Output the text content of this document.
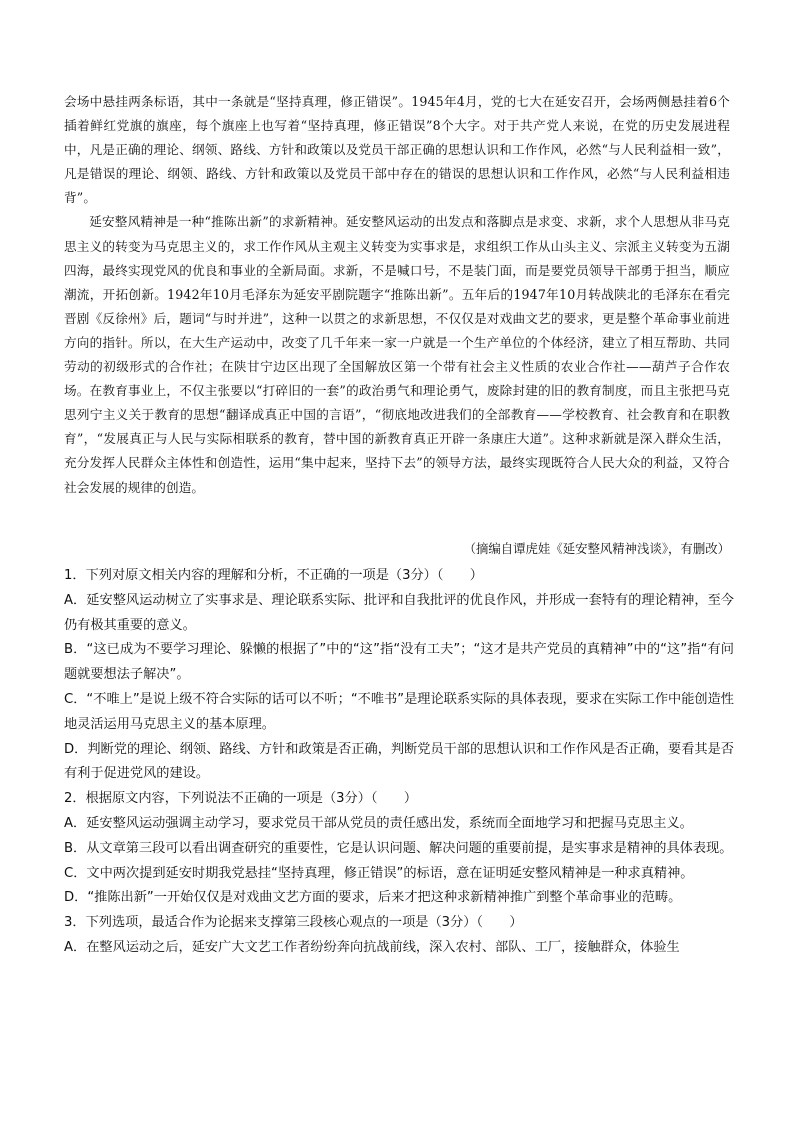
会场中悬挂两条标语，其中一条就是“坚持真理，修正错误”。1945年4月，党的七大在延安召开，会场两侧悬挂着6个插着鲜红党旗的旗座，每个旗座上也写着“坚持真理，修正错误”8个大字。对于共产党人来说，在党的历史发展进程中，凡是正确的理论、纲领、路线、方针和政策以及党员干部正确的思想认识和工作作风，必然“与人民利益相一致”，凡是错误的理论、纲领、路线、方针和政策以及党员干部中存在的错误的思想认识和工作作风，必然“与人民利益相违背”。

延安整风精神是一种“推陈出新”的求新精神。延安整风运动的出发点和落脚点是求变、求新，求个人思想从非马克思主义的转变为马克思主义的，求工作作风从主观主义转变为实事求是，求组织工作从山头主义、宗派主义转变为五湖四海，最终实现党风的优良和事业的全新局面。求新，不是喊口号，不是装门面，而是要党员领导干部勇于担当，顺应潮流，开拓创新。1942年10月毛泽东为延安平剧院题字“推陈出新”。五年后的1947年10月转战陕北的毛泽东在看完晋剧《反徐州》后，题词“与时并进”，这种一以贯之的求新思想，不仅仅是对戏曲文艺的要求，更是整个革命事业前进方向的指针。所以，在大生产运动中，改变了几千年来一家一户就是一个生产单位的个体经济，建立了相互帮助、共同劳动的初级形式的合作社；在陕甘宁边区出现了全国解放区第一个带有社会主义性质的农业合作社——葫芦子合作农场。在教育事业上，不仅主张要以“打碎旧的一套”的政治勇气和理论勇气，废除封建的旧的教育制度，而且主张把马克思列宁主义关于教育的思想“翻译成真正中国的言语”，“彻底地改进我们的全部教育——学校教育、社会教育和在职教育”，“发展真正与人民与实际相联系的教育，替中国的新教育真正开辟一条康庄大道”。这种求新就是深入群众生活，充分发挥人民群众主体性和创造性，运用“集中起来，坚持下去”的领导方法，最终实现既符合人民大众的利益，又符合社会发展的规律的创造。

（摘编自谭虎娃《延安整风精神浅谈》，有删改）

1．下列对原文相关内容的理解和分析，不正确的一项是（3分）（　　）

A．延安整风运动树立了实事求是、理论联系实际、批评和自我批评的优良作风，并形成一套特有的理论精神，至今仍有极其重要的意义。

B．“这已成为不要学习理论、躲懒的根据了”中的“这”指“没有工夫”；“这才是共产党员的真精神”中的“这”指“有问题就要想法子解决”。

C．“不唯上”是说上级不符合实际的话可以不听；“不唯书”是理论联系实际的具体表现，要求在实际工作中能创造性地灵活运用马克思主义的基本原理。

D．判断党的理论、纲领、路线、方针和政策是否正确，判断党员干部的思想认识和工作作风是否正确，要看其是否有利于促进党风的建设。

2．根据原文内容，下列说法不正确的一项是（3分）（　　）

A．延安整风运动强调主动学习，要求党员干部从党员的责任感出发，系统而全面地学习和把握马克思主义。

B．从文章第三段可以看出调查研究的重要性，它是认识问题、解决问题的重要前提，是实事求是精神的具体表现。

C．文中两次提到延安时期我党悬挂“坚持真理，修正错误”的标语，意在证明延安整风精神是一种求真精神。

D．“推陈出新”一开始仅仅是对戏曲文艺方面的要求，后来才把这种求新精神推广到整个革命事业的范畴。

3．下列选项，最适合作为论据来支撑第三段核心观点的一项是（3分）（　　）

A．在整风运动之后，延安广大文艺工作者纷纷奔向抗战前线，深入农村、部队、工厂，接触群众，体验生
